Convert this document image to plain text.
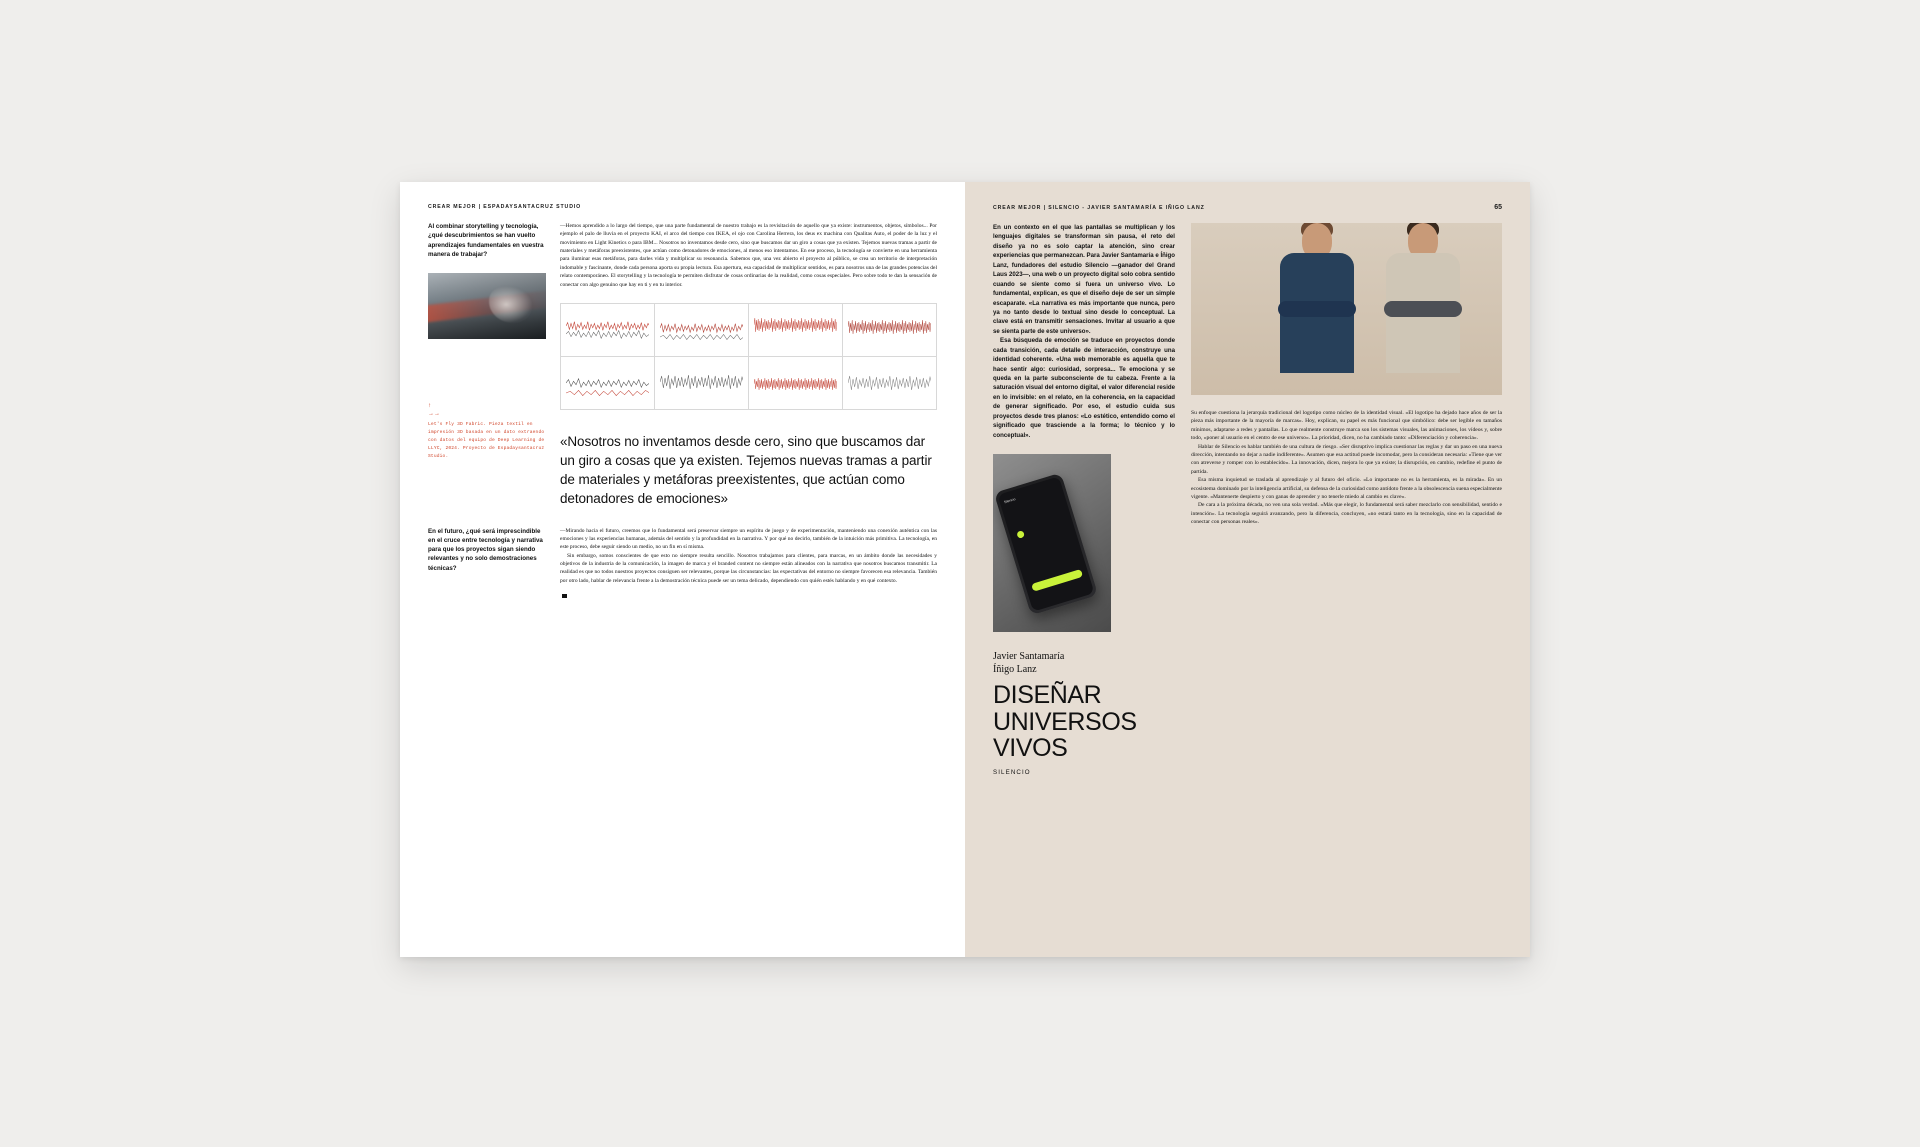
CREAR MEJOR | ESPADAYSANTACRUZ STUDIO
Al combinar storytelling y tecnología, ¿qué descubrimientos se han vuelto aprendizajes fundamentales en vuestra manera de trabajar?
↑
→→
Let's Fly 3D Fabric. Pieza textil en impresión 3D basada en un dato extraendo con datos del equipo de Deep Learning de LLYC, 2024. Proyecto de Espadaysantacruz Studio.

—Hemos aprendido a lo largo del tiempo, que una parte fundamental de nuestro trabajo es la revisitación de aquello que ya existe: instrumentos, objetos, símbolos... Por ejemplo el palo de lluvia en el proyecto KAI, el arco del tiempo con IKEA, el ojo con Carolina Herrera, los deus ex machina con Qualitas Auto, el poder de la luz y el movimiento en Light Kinetics o para IBM... Nosotros no inventamos desde cero, sino que buscamos dar un giro a cosas que ya existen. Tejemos nuevas tramas a partir de materiales y metáforas preexistentes, que actúan como detonadores de emociones, al menos eso intentamos. En ese proceso, la tecnología se convierte en una herramienta para iluminar esas metáforas, para darles vida y multiplicar su resonancia. Sabemos que, una vez abierto el proyecto al público, se crea un territorio de interpretación indomable y fascinante, donde cada persona aporta su propia lectura. Esa apertura, esa capacidad de multiplicar sentidos, es para nosotros una de las grandes potencias del relato contemporáneo. El storytelling y la tecnología te permiten disfrutar de cosas ordinarias de la realidad, como cosas especiales. Pero sobre todo te dan la sensación de conectar con algo genuino que hay en ti y en tu interior.

«Nosotros no inventamos desde cero, sino que buscamos dar un giro a cosas que ya existen. Tejemos nuevas tramas a partir de materiales y metáforas preexistentes, que actúan como detonadores de emociones»
En el futuro, ¿qué será imprescindible en el cruce entre tecnología y narrativa para que los proyectos sigan siendo relevantes y no solo demostraciones técnicas?

—Mirando hacia el futuro, creemos que lo fundamental será preservar siempre un espíritu de juego y de experimentación, manteniendo una conexión auténtica con las emociones y las experiencias humanas, además del sentido y la profundidad en la narrativa. Y por qué no decirlo, también de la intuición más primitiva. La tecnología, en este proceso, debe seguir siendo un medio, no un fin en sí misma.

Sin embargo, somos conscientes de que esto no siempre resulta sencillo. Nosotros trabajamos para clientes, para marcas, en un ámbito donde las necesidades y objetivos de la industria de la comunicación, la imagen de marca y el branded content no siempre están alineados con la narrativa que nosotros buscamos transmitir. La realidad es que no todos nuestros proyectos consiguen ser relevantes, porque las circunstancias: las expectativas del entorno no siempre favorecen esa relevancia. También por otro lado, hablar de relevancia frente a la demostración técnica puede ser un tema delicado, dependiendo con quién estés hablando y en qué contexto.

CREAR MEJOR | SILENCIO - JAVIER SANTAMARÍA E IÑIGO LANZ	65

En un contexto en el que las pantallas se multiplican y los lenguajes digitales se transforman sin pausa, el reto del diseño ya no es solo captar la atención, sino crear experiencias que permanezcan. Para Javier Santamaría e Íñigo Lanz, fundadores del estudio Silencio —ganador del Grand Laus 2023—, una web o un proyecto digital solo cobra sentido cuando se siente como si fuera un universo vivo. Lo fundamental, explican, es que el diseño deje de ser un simple escaparate. «La narrativa es más importante que nunca, pero ya no tanto desde lo textual sino desde lo conceptual. La clave está en transmitir sensaciones. Invitar al usuario a que se sienta parte de este universo».

Esa búsqueda de emoción se traduce en proyectos donde cada transición, cada detalle de interacción, construye una identidad coherente. «Una web memorable es aquella que te hace sentir algo: curiosidad, sorpresa... Te emociona y se queda en la parte subconsciente de tu cabeza. Frente a la saturación visual del entorno digital, el valor diferencial reside en lo invisible: en el relato, en la coherencia, en la capacidad de generar significado. Por eso, el estudio cuida sus proyectos desde tres planos: «Lo estético, entendido como el significado que trasciende a la forma; lo técnico y lo conceptual».

Silencio
Javier Santamaría
Íñigo Lanz
DISEÑAR
UNIVERSOS
VIVOS
SILENCIO

Su enfoque cuestiona la jerarquía tradicional del logotipo como núcleo de la identidad visual. «El logotipo ha dejado hace años de ser la pieza más importante de la mayoría de marcas». Hoy, explican, su papel es más funcional que simbólico: debe ser legible en tamaños mínimos, adaptarse a redes y pantallas. Lo que realmente construye marca son los sistemas visuales, las animaciones, los vídeos y, sobre todo, «poner al usuario en el centro de ese universo». La prioridad, dicen, no ha cambiado tanto: «Diferenciación y coherencia».

Hablar de Silencio es hablar también de una cultura de riesgo. «Ser disruptivo implica cuestionar las reglas y dar un paso en una nueva dirección, intentando no dejar a nadie indiferente». Asumen que esa actitud puede incomodar, pero la consideran necesaria: «Tiene que ver con atreverse y romper con lo establecido». La innovación, dicen, mejora lo que ya existe; la disrupción, en cambio, redefine el punto de partida.

Esa misma inquietud se traslada al aprendizaje y al futuro del oficio. «Lo importante no es la herramienta, es la mirada». En un ecosistema dominado por la inteligencia artificial, su defensa de la curiosidad como antídoto frente a la obsolescencia suena especialmente vigente. «Mantenerte despierto y con ganas de aprender y no tenerle miedo al cambio es clave».

De cara a la próxima década, no ven una sola verdad. «Más que elegir, lo fundamental será saber mezclarlo con sensibilidad, sentido e intención». La tecnología seguirá avanzando, pero la diferencia, concluyen, «no estará tanto en la tecnología, sino en la capacidad de conectar con personas reales».
